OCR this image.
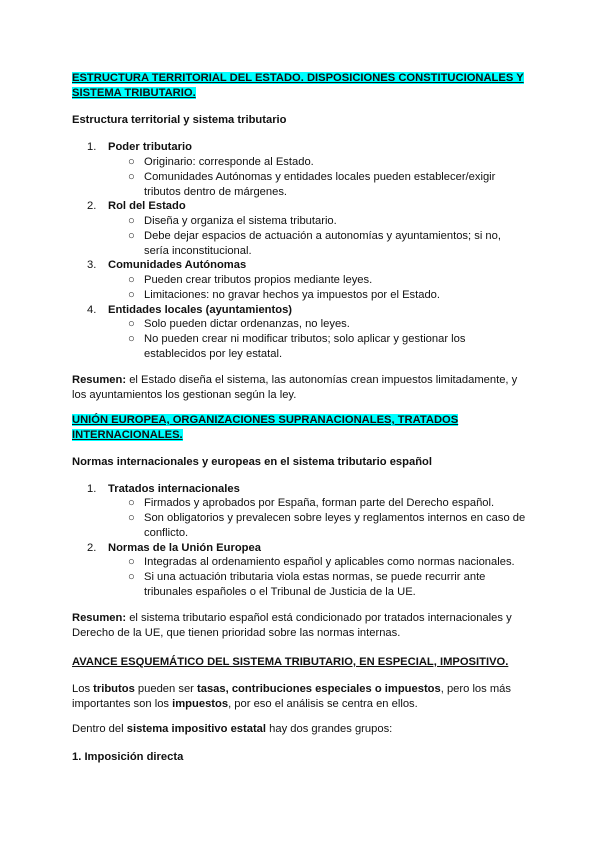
ESTRUCTURA TERRITORIAL DEL ESTADO. DISPOSICIONES CONSTITUCIONALES Y SISTEMA TRIBUTARIO.
Estructura territorial y sistema tributario
1. Poder tributario
○ Originario: corresponde al Estado.
○ Comunidades Autónomas y entidades locales pueden establecer/exigir tributos dentro de márgenes.
2. Rol del Estado
○ Diseña y organiza el sistema tributario.
○ Debe dejar espacios de actuación a autonomías y ayuntamientos; si no, sería inconstitucional.
3. Comunidades Autónomas
○ Pueden crear tributos propios mediante leyes.
○ Limitaciones: no gravar hechos ya impuestos por el Estado.
4. Entidades locales (ayuntamientos)
○ Solo pueden dictar ordenanzas, no leyes.
○ No pueden crear ni modificar tributos; solo aplicar y gestionar los establecidos por ley estatal.
Resumen: el Estado diseña el sistema, las autonomías crean impuestos limitadamente, y los ayuntamientos los gestionan según la ley.
UNIÓN EUROPEA, ORGANIZACIONES SUPRANACIONALES, TRATADOS INTERNACIONALES.
Normas internacionales y europeas en el sistema tributario español
1. Tratados internacionales
○ Firmados y aprobados por España, forman parte del Derecho español.
○ Son obligatorios y prevalecen sobre leyes y reglamentos internos en caso de conflicto.
2. Normas de la Unión Europea
○ Integradas al ordenamiento español y aplicables como normas nacionales.
○ Si una actuación tributaria viola estas normas, se puede recurrir ante tribunales españoles o el Tribunal de Justicia de la UE.
Resumen: el sistema tributario español está condicionado por tratados internacionales y Derecho de la UE, que tienen prioridad sobre las normas internas.
AVANCE ESQUEMÁTICO DEL SISTEMA TRIBUTARIO, EN ESPECIAL, IMPOSITIVO.
Los tributos pueden ser tasas, contribuciones especiales o impuestos, pero los más importantes son los impuestos, por eso el análisis se centra en ellos.
Dentro del sistema impositivo estatal hay dos grandes grupos:
1. Imposición directa
